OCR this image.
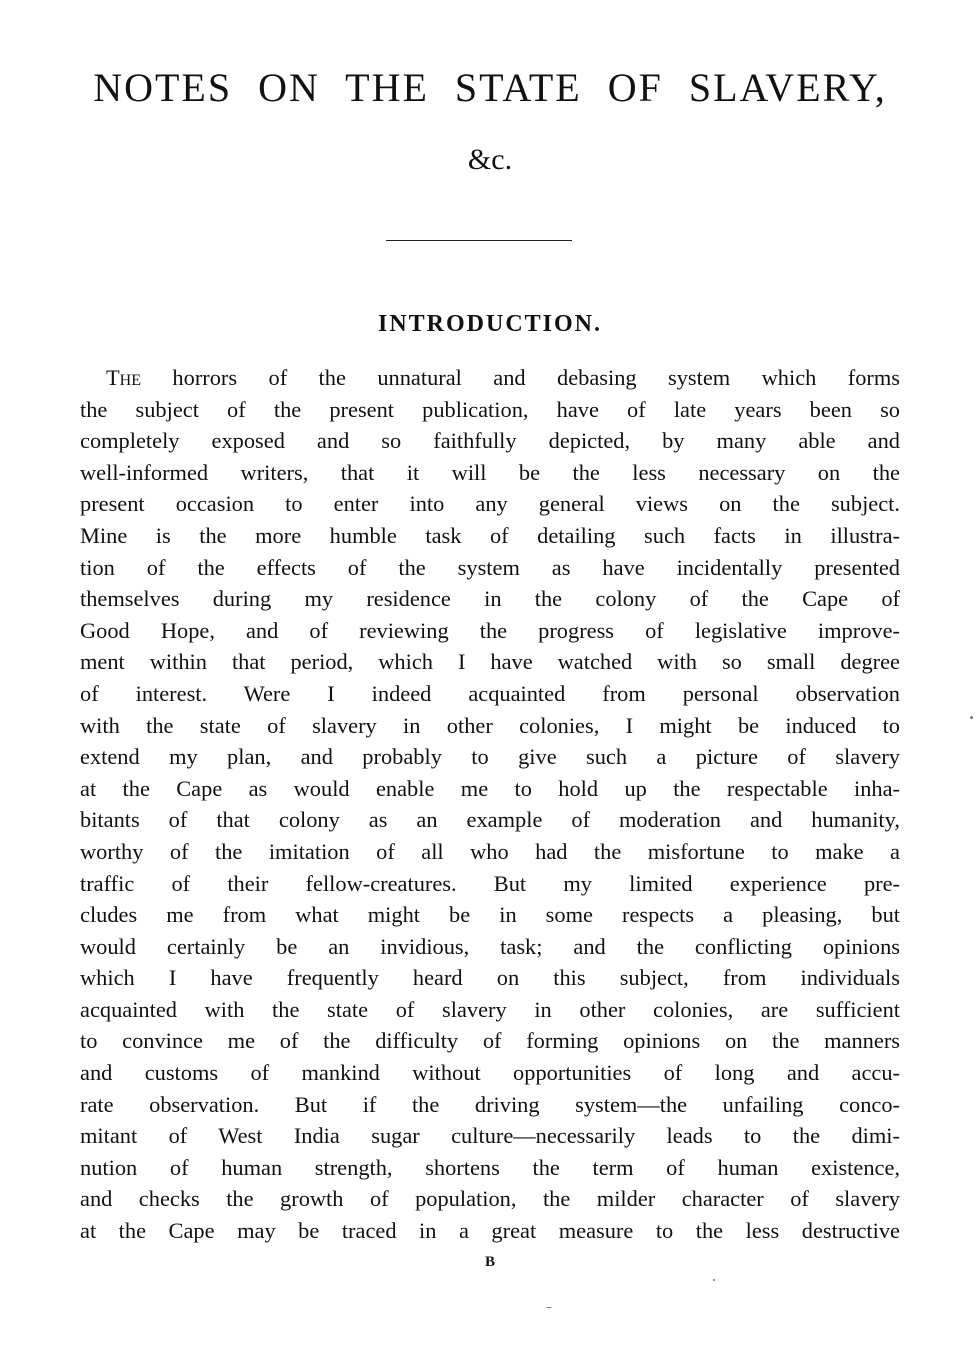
NOTES ON THE STATE OF SLAVERY,
&c.
INTRODUCTION.
The horrors of the unnatural and debasing system which forms
the subject of the present publication, have of late years been so
completely exposed and so faithfully depicted, by many able and
well-informed writers, that it will be the less necessary on the
present occasion to enter into any general views on the subject.
Mine is the more humble task of detailing such facts in illustra-
tion of the effects of the system as have incidentally presented
themselves during my residence in the colony of the Cape of
Good Hope, and of reviewing the progress of legislative improve-
ment within that period, which I have watched with so small degree
of interest. Were I indeed acquainted from personal observation
with the state of slavery in other colonies, I might be induced to
extend my plan, and probably to give such a picture of slavery
at the Cape as would enable me to hold up the respectable inha-
bitants of that colony as an example of moderation and humanity,
worthy of the imitation of all who had the misfortune to make a
traffic of their fellow-creatures. But my limited experience pre-
cludes me from what might be in some respects a pleasing, but
would certainly be an invidious, task; and the conflicting opinions
which I have frequently heard on this subject, from individuals
acquainted with the state of slavery in other colonies, are sufficient
to convince me of the difficulty of forming opinions on the manners
and customs of mankind without opportunities of long and accu-
rate observation. But if the driving system—the unfailing conco-
mitant of West India sugar culture—necessarily leads to the dimi-
nution of human strength, shortens the term of human existence,
and checks the growth of population, the milder character of slavery
at the Cape may be traced in a great measure to the less destructive
B
